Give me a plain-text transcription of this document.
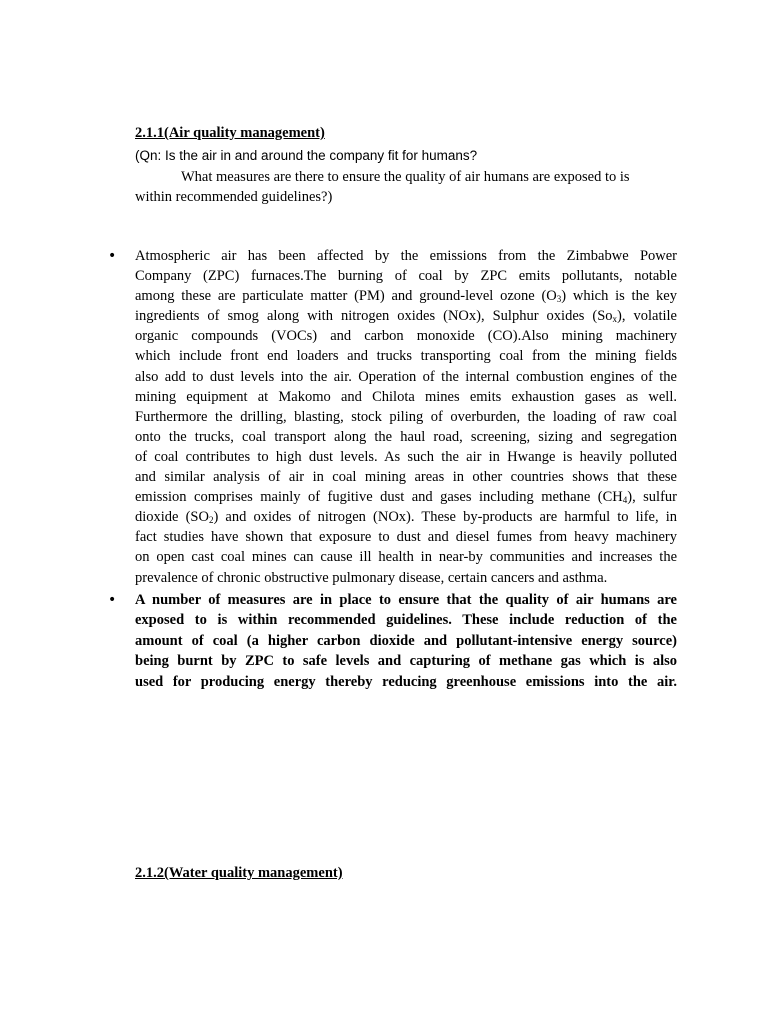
2.1.1(Air quality management)
(Qn: Is the air in and around the company fit for humans?
What measures are there to ensure the quality of air humans are exposed to is
within recommended guidelines?)
• Atmospheric air has been affected by the emissions from the Zimbabwe Power
Company (ZPC) furnaces.The burning of coal by ZPC emits pollutants, notable
among these are particulate matter (PM) and ground-level ozone $(O_3)$ which is the key
ingredients of smog along with nitrogen oxides (NOx), Sulphur oxides $(So_x)$, volatile
organic compounds (VOCs) and carbon monoxide (CO).Also mining machinery
which include front end loaders and trucks transporting coal from the mining fields
also add to dust levels into the air. Operation of the internal combustion engines of the
mining equipment at Makomo and Chilota mines emits exhaustion gases as well.
Furthermore the drilling, blasting, stock piling of overburden, the loading of raw coal
onto the trucks, coal transport along the haul road, screening, sizing and segregation
of coal contributes to high dust levels. As such the air in Hwange is heavily polluted
and similar analysis of air in coal mining areas in other countries shows that these
emission comprises mainly of fugitive dust and gases including methane $(CH_4)$, sulfur
dioxide $(SO_2)$ and oxides of nitrogen (NOx). These by-products are harmful to life, in
fact studies have shown that exposure to dust and diesel fumes from heavy machinery
on open cast coal mines can cause ill health in near-by communities and increases the
prevalence of chronic obstructive pulmonary disease, certain cancers and asthma.
• A number of measures are in place to ensure that the quality of air humans are
exposed to is within recommended guidelines. These include reduction of the
amount of coal (a higher carbon dioxide and pollutant-intensive energy source)
being burnt by ZPC to safe levels and capturing of methane gas which is also
used for producing energy thereby reducing greenhouse emissions into the air.
2.1.2(Water quality management)
